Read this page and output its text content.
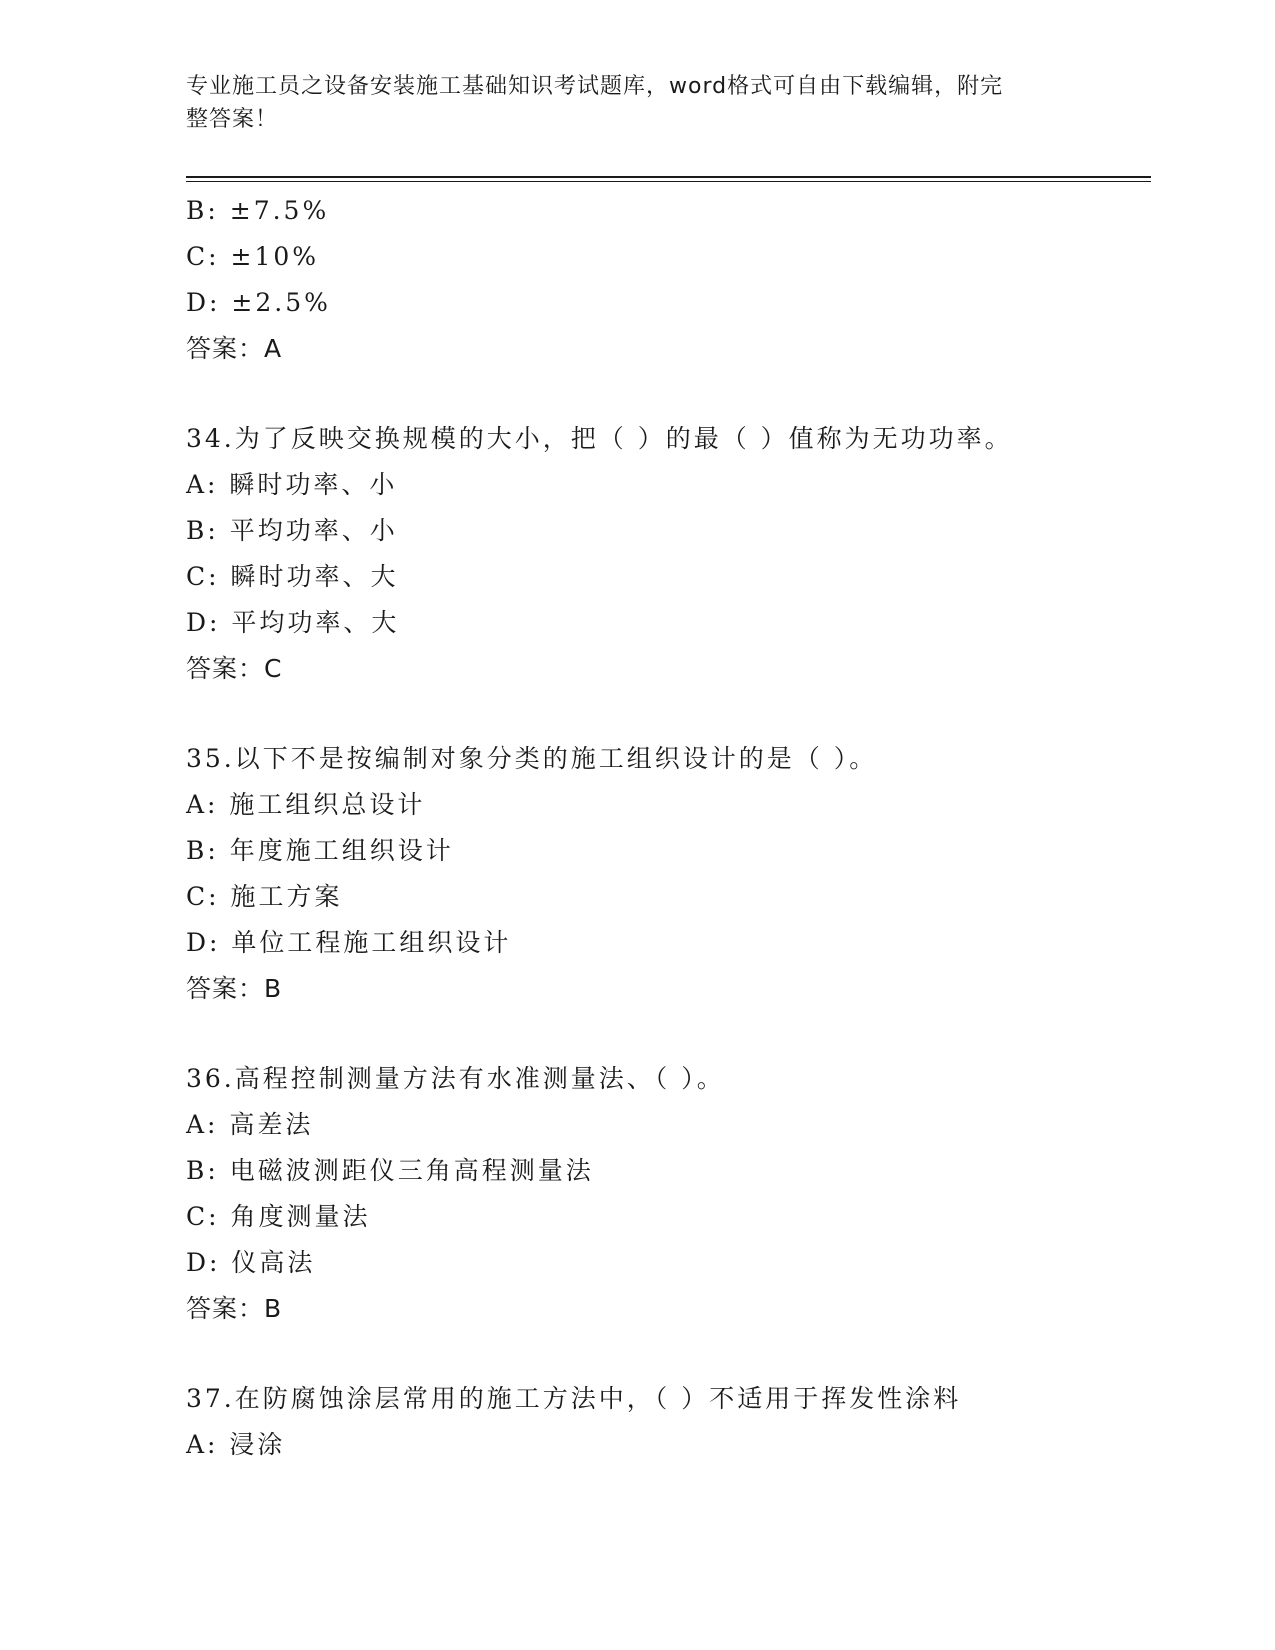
专业施工员之设备安装施工基础知识考试题库，word格式可自由下载编辑，附完
整答案！
B: ±7.5%
C: ±10%
D: ±2.5%
答案：A
34.为了反映交换规模的大小，把（ ）的最（ ）值称为无功功率。
A: 瞬时功率、小
B: 平均功率、小
C: 瞬时功率、大
D: 平均功率、大
答案：C
35.以下不是按编制对象分类的施工组织设计的是（ ）。
A: 施工组织总设计
B: 年度施工组织设计
C: 施工方案
D: 单位工程施工组织设计
答案：B
36.高程控制测量方法有水准测量法、（ ）。
A: 高差法
B: 电磁波测距仪三角高程测量法
C: 角度测量法
D: 仪高法
答案：B
37.在防腐蚀涂层常用的施工方法中，（ ）不适用于挥发性涂料
A: 浸涂
